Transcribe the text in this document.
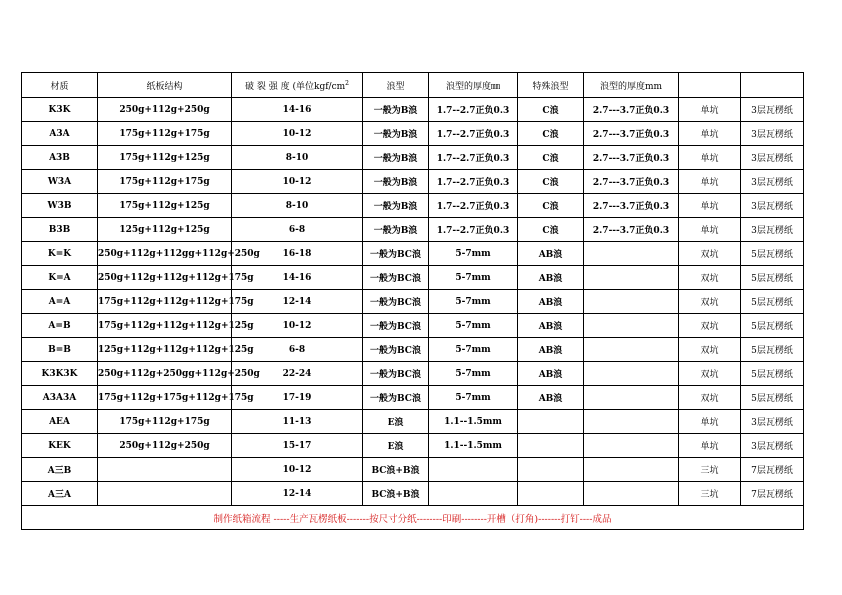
材质	纸板结构	破 裂 强 度 (单位kgf/$cm^2$	浪型	浪型的厚度㎜	特殊浪型	浪型的厚度mm		
K3K	250g+112g+250g	14-16	一般为B浪	1.7--2.7正负0.3	C浪	2.7---3.7正负0.3	单坑	3层瓦楞纸
A3A	175g+112g+175g	10-12	一般为B浪	1.7--2.7正负0.3	C浪	2.7---3.7正负0.3	单坑	3层瓦楞纸
A3B	175g+112g+125g	8-10	一般为B浪	1.7--2.7正负0.3	C浪	2.7---3.7正负0.3	单坑	3层瓦楞纸
W3A	175g+112g+175g	10-12	一般为B浪	1.7--2.7正负0.3	C浪	2.7---3.7正负0.3	单坑	3层瓦楞纸
W3B	175g+112g+125g	8-10	一般为B浪	1.7--2.7正负0.3	C浪	2.7---3.7正负0.3	单坑	3层瓦楞纸
B3B	125g+112g+125g	6-8	一般为B浪	1.7--2.7正负0.3	C浪	2.7---3.7正负0.3	单坑	3层瓦楞纸
K=K	250g+112g+112gg+112g+250g	16-18	一般为BC浪	5-7mm	AB浪		双坑	5层瓦楞纸
K=A	250g+112g+112g+112g+175g	14-16	一般为BC浪	5-7mm	AB浪		双坑	5层瓦楞纸
A=A	175g+112g+112g+112g+175g	12-14	一般为BC浪	5-7mm	AB浪		双坑	5层瓦楞纸
A=B	175g+112g+112g+112g+125g	10-12	一般为BC浪	5-7mm	AB浪		双坑	5层瓦楞纸
B=B	125g+112g+112g+112g+125g	6-8	一般为BC浪	5-7mm	AB浪		双坑	5层瓦楞纸
K3K3K	250g+112g+250gg+112g+250g	22-24	一般为BC浪	5-7mm	AB浪		双坑	5层瓦楞纸
A3A3A	175g+112g+175g+112g+175g	17-19	一般为BC浪	5-7mm	AB浪		双坑	5层瓦楞纸
AEA	175g+112g+175g	11-13	E浪	1.1--1.5mm			单坑	3层瓦楞纸
KEK	250g+112g+250g	15-17	E浪	1.1--1.5mm			单坑	3层瓦楞纸
A三B		10-12	BC浪+B浪				三坑	7层瓦楞纸
A三A		12-14	BC浪+B浪				三坑	7层瓦楞纸
制作纸箱流程 -----生产瓦楞纸板-------按尺寸分纸--------印刷--------开槽（打角)-------打钉----成品								
